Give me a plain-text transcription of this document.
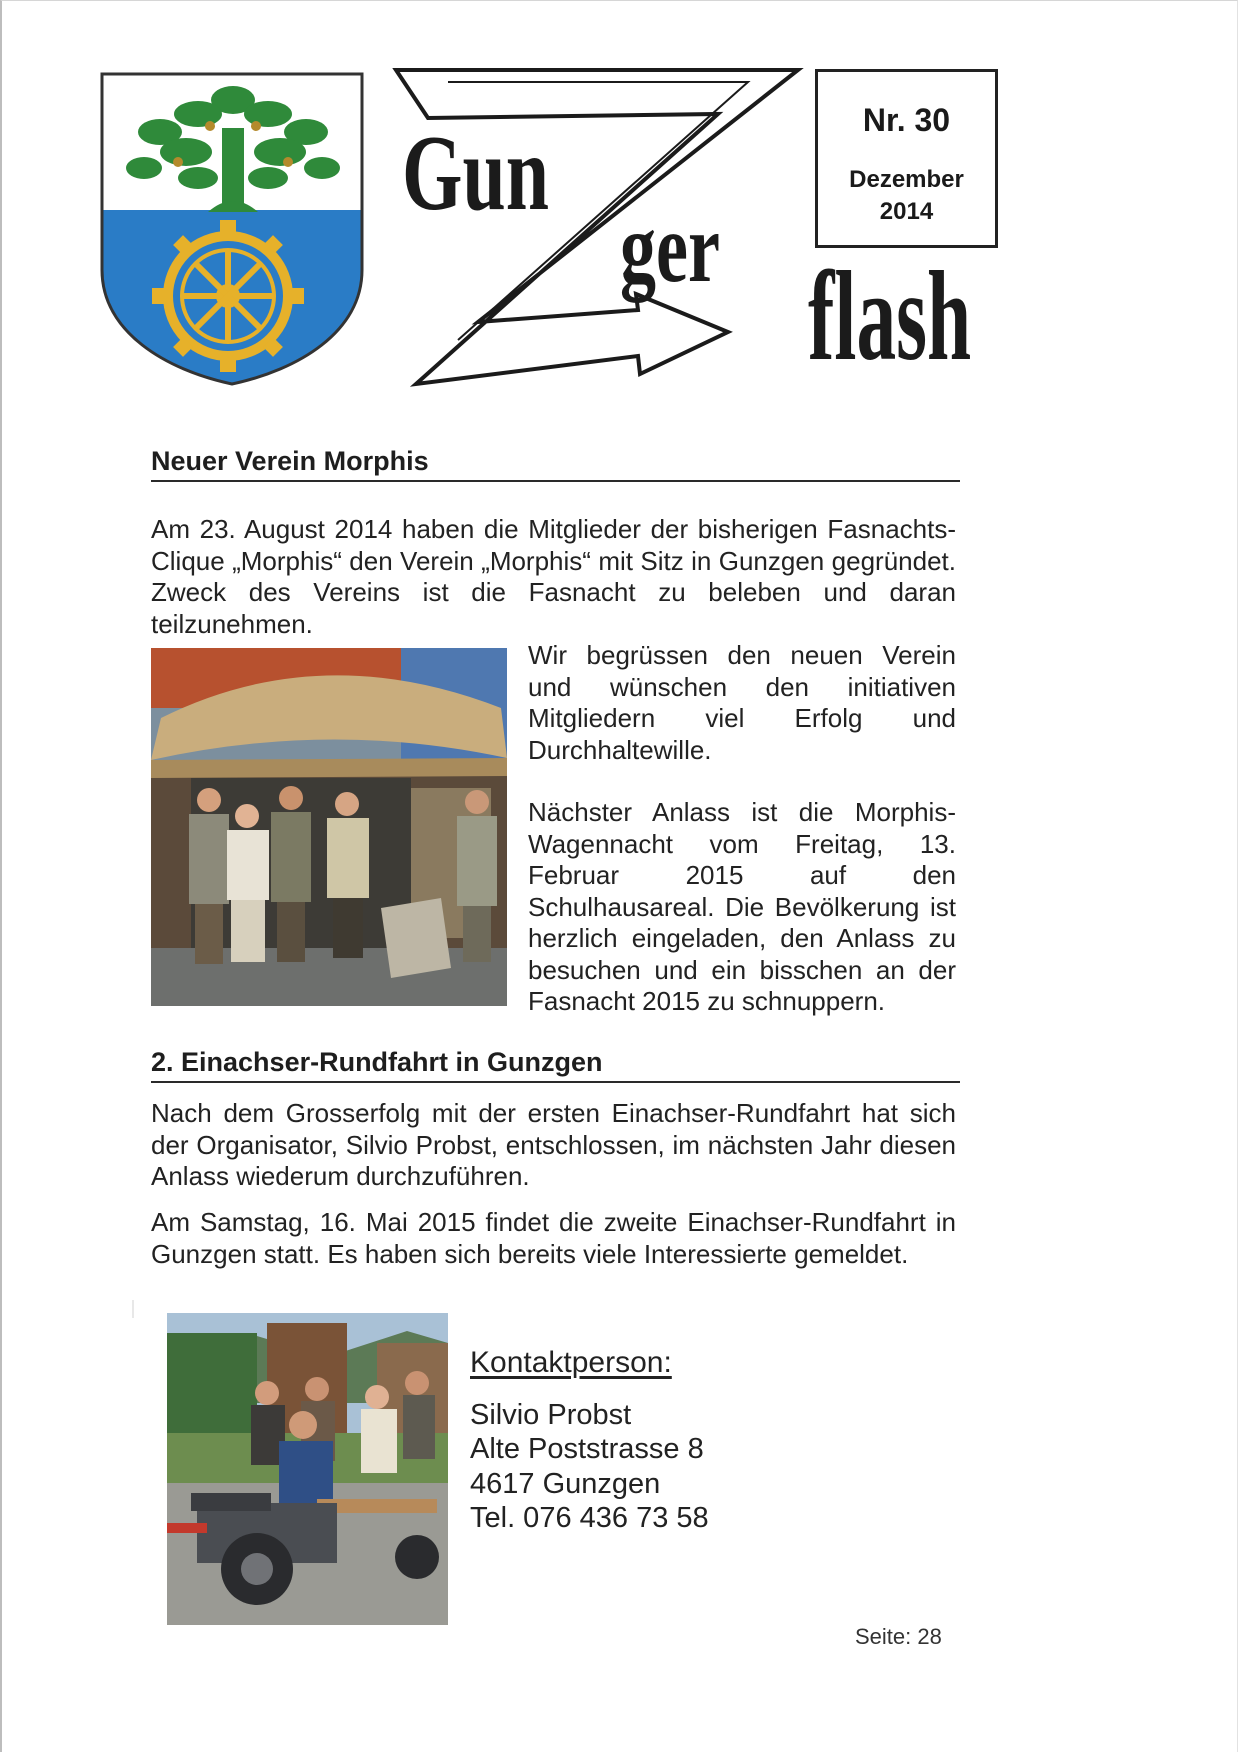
Gun
ger flash
Nr. 30
Dezember
2014
Neuer Verein Morphis
Am 23. August 2014 haben die Mitglieder der bisherigen Fasnachts-Clique „Morphis“ den Verein „Morphis“ mit Sitz in Gunzgen gegründet. Zweck des Vereins ist die Fasnacht zu beleben und daran teilzunehmen.
Wir begrüssen den neuen Verein und wünschen den initiativen Mitgliedern viel Erfolg und Durchhaltewille.
Nächster Anlass ist die Morphis-Wagennacht vom Freitag, 13. Februar 2015 auf den Schulhausareal. Die Bevölkerung ist herzlich eingeladen, den Anlass zu besuchen und ein bisschen an der Fasnacht 2015 zu schnuppern.
2. Einachser-Rundfahrt in Gunzgen
Nach dem Grosserfolg mit der ersten Einachser-Rundfahrt hat sich der Organisator, Silvio Probst, entschlossen, im nächsten Jahr diesen Anlass wiederum durchzuführen.
Am Samstag, 16. Mai 2015 findet die zweite Einachser-Rundfahrt in Gunzgen statt. Es haben sich bereits viele Interessierte gemeldet.
Kontaktperson:
Silvio Probst
Alte Poststrasse 8
4617 Gunzgen
Tel. 076 436 73 58
Seite: 28
